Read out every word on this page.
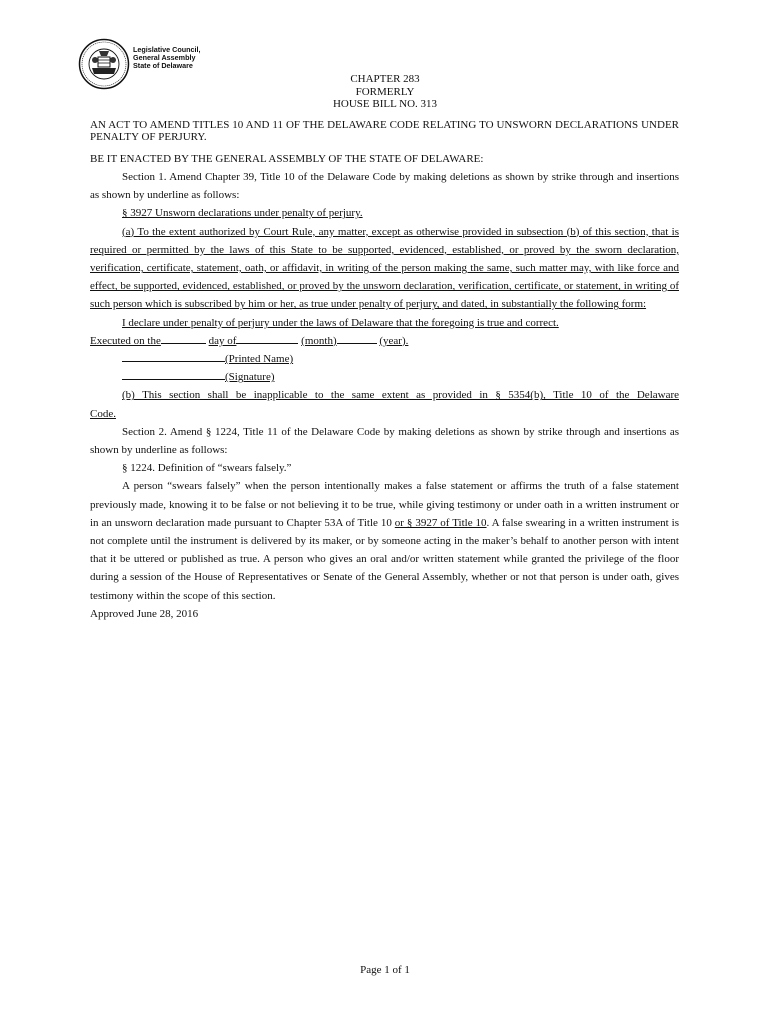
Legislative Council,
General Assembly
State of Delaware
CHAPTER 283
FORMERLY
HOUSE BILL NO. 313
AN ACT TO AMEND TITLES 10 AND 11 OF THE DELAWARE CODE RELATING TO UNSWORN DECLARATIONS UNDER PENALTY OF PERJURY.
BE IT ENACTED BY THE GENERAL ASSEMBLY OF THE STATE OF DELAWARE:
Section 1. Amend Chapter 39, Title 10 of the Delaware Code by making deletions as shown by strike through and insertions as shown by underline as follows:
§ 3927 Unsworn declarations under penalty of perjury.
(a) To the extent authorized by Court Rule, any matter, except as otherwise provided in subsection (b) of this section, that is required or permitted by the laws of this State to be supported, evidenced, established, or proved by the sworn declaration, verification, certificate, statement, oath, or affidavit, in writing of the person making the same, such matter may, with like force and effect, be supported, evidenced, established, or proved by the unsworn declaration, verification, certificate, or statement, in writing of such person which is subscribed by him or her, as true under penalty of perjury, and dated, in substantially the following form:
I declare under penalty of perjury under the laws of Delaware that the foregoing is true and correct.
Executed on the	day of	(month)	(year).
(Printed Name)
(Signature)
(b) This section shall be inapplicable to the same extent as provided in § 5354(b), Title 10 of the Delaware
Code.
Section 2. Amend § 1224, Title 11 of the Delaware Code by making deletions as shown by strike through and insertions as shown by underline as follows:
§ 1224. Definition of “swears falsely.”
A person “swears falsely” when the person intentionally makes a false statement or affirms the truth of a false statement previously made, knowing it to be false or not believing it to be true, while giving testimony or under oath in a written instrument or in an unsworn declaration made pursuant to Chapter 53A of Title 10 or § 3927 of Title 10. A false swearing in a written instrument is not complete until the instrument is delivered by its maker, or by someone acting in the maker’s behalf to another person with intent that it be uttered or published as true. A person who gives an oral and/or written statement while granted the privilege of the floor during a session of the House of Representatives or Senate of the General Assembly, whether or not that person is under oath, gives testimony within the scope of this section.
Approved June 28, 2016
Page 1 of 1
